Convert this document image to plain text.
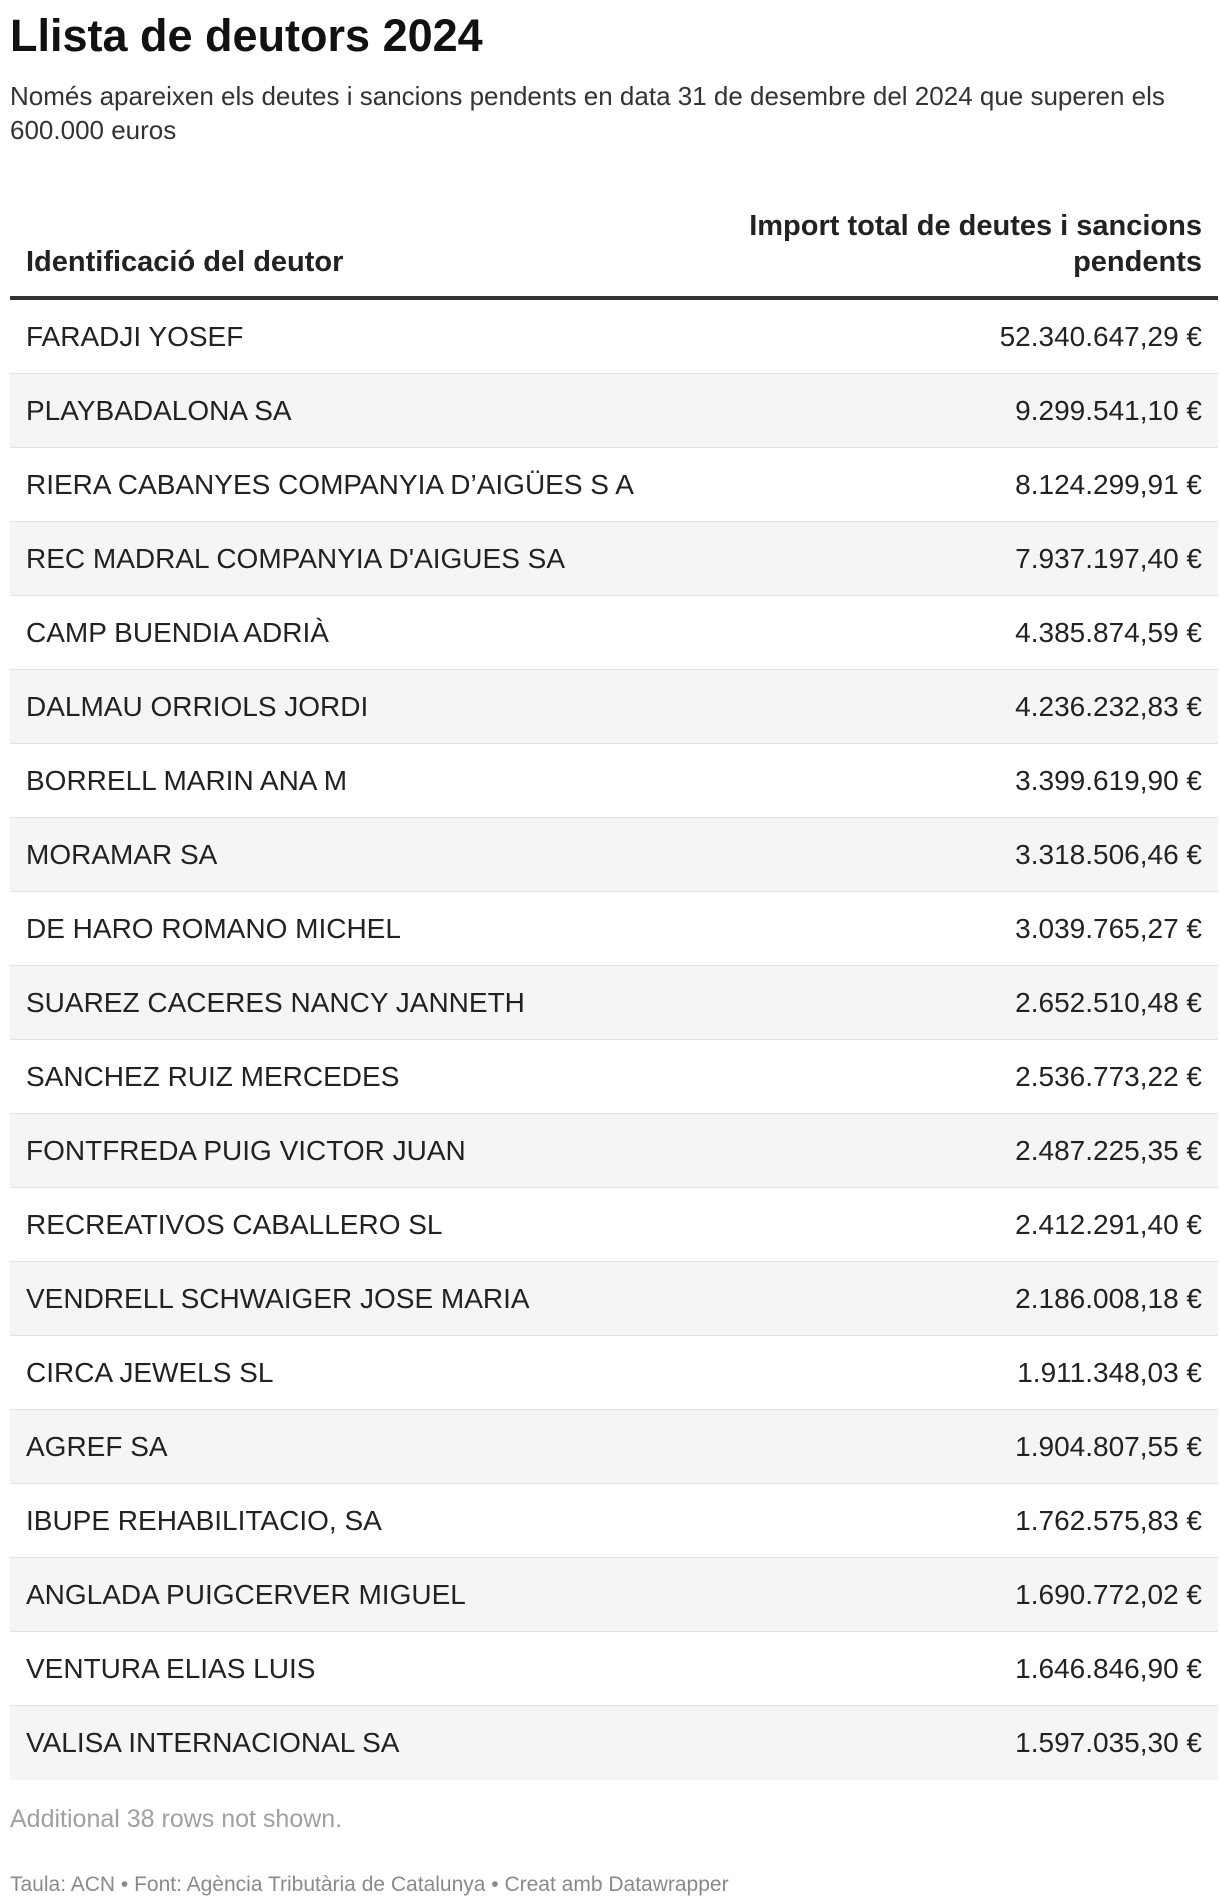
Llista de deutors 2024

Només apareixen els deutes i sancions pendents en data 31 de desembre del 2024 que superen els 600.000 euros

Identificació del deutor
Import total de deutes i sancions pendents
FARADJI YOSEF	52.340.647,29 €
PLAYBADALONA SA	9.299.541,10 €
RIERA CABANYES COMPANYIA D’AIGÜES S A	8.124.299,91 €
REC MADRAL COMPANYIA D'AIGUES SA	7.937.197,40 €
CAMP BUENDIA ADRIÀ	4.385.874,59 €
DALMAU ORRIOLS JORDI	4.236.232,83 €
BORRELL MARIN ANA M	3.399.619,90 €
MORAMAR SA	3.318.506,46 €
DE HARO ROMANO MICHEL	3.039.765,27 €
SUAREZ CACERES NANCY JANNETH	2.652.510,48 €
SANCHEZ RUIZ MERCEDES	2.536.773,22 €
FONTFREDA PUIG VICTOR JUAN	2.487.225,35 €
RECREATIVOS CABALLERO SL	2.412.291,40 €
VENDRELL SCHWAIGER JOSE MARIA	2.186.008,18 €
CIRCA JEWELS SL	1.911.348,03 €
AGREF SA	1.904.807,55 €
IBUPE REHABILITACIO, SA	1.762.575,83 €
ANGLADA PUIGCERVER MIGUEL	1.690.772,02 €
VENTURA ELIAS LUIS	1.646.846,90 €
VALISA INTERNACIONAL SA	1.597.035,30 €
Additional 38 rows not shown.
Taula: ACN • Font: Agència Tributària de Catalunya • Creat amb Datawrapper
